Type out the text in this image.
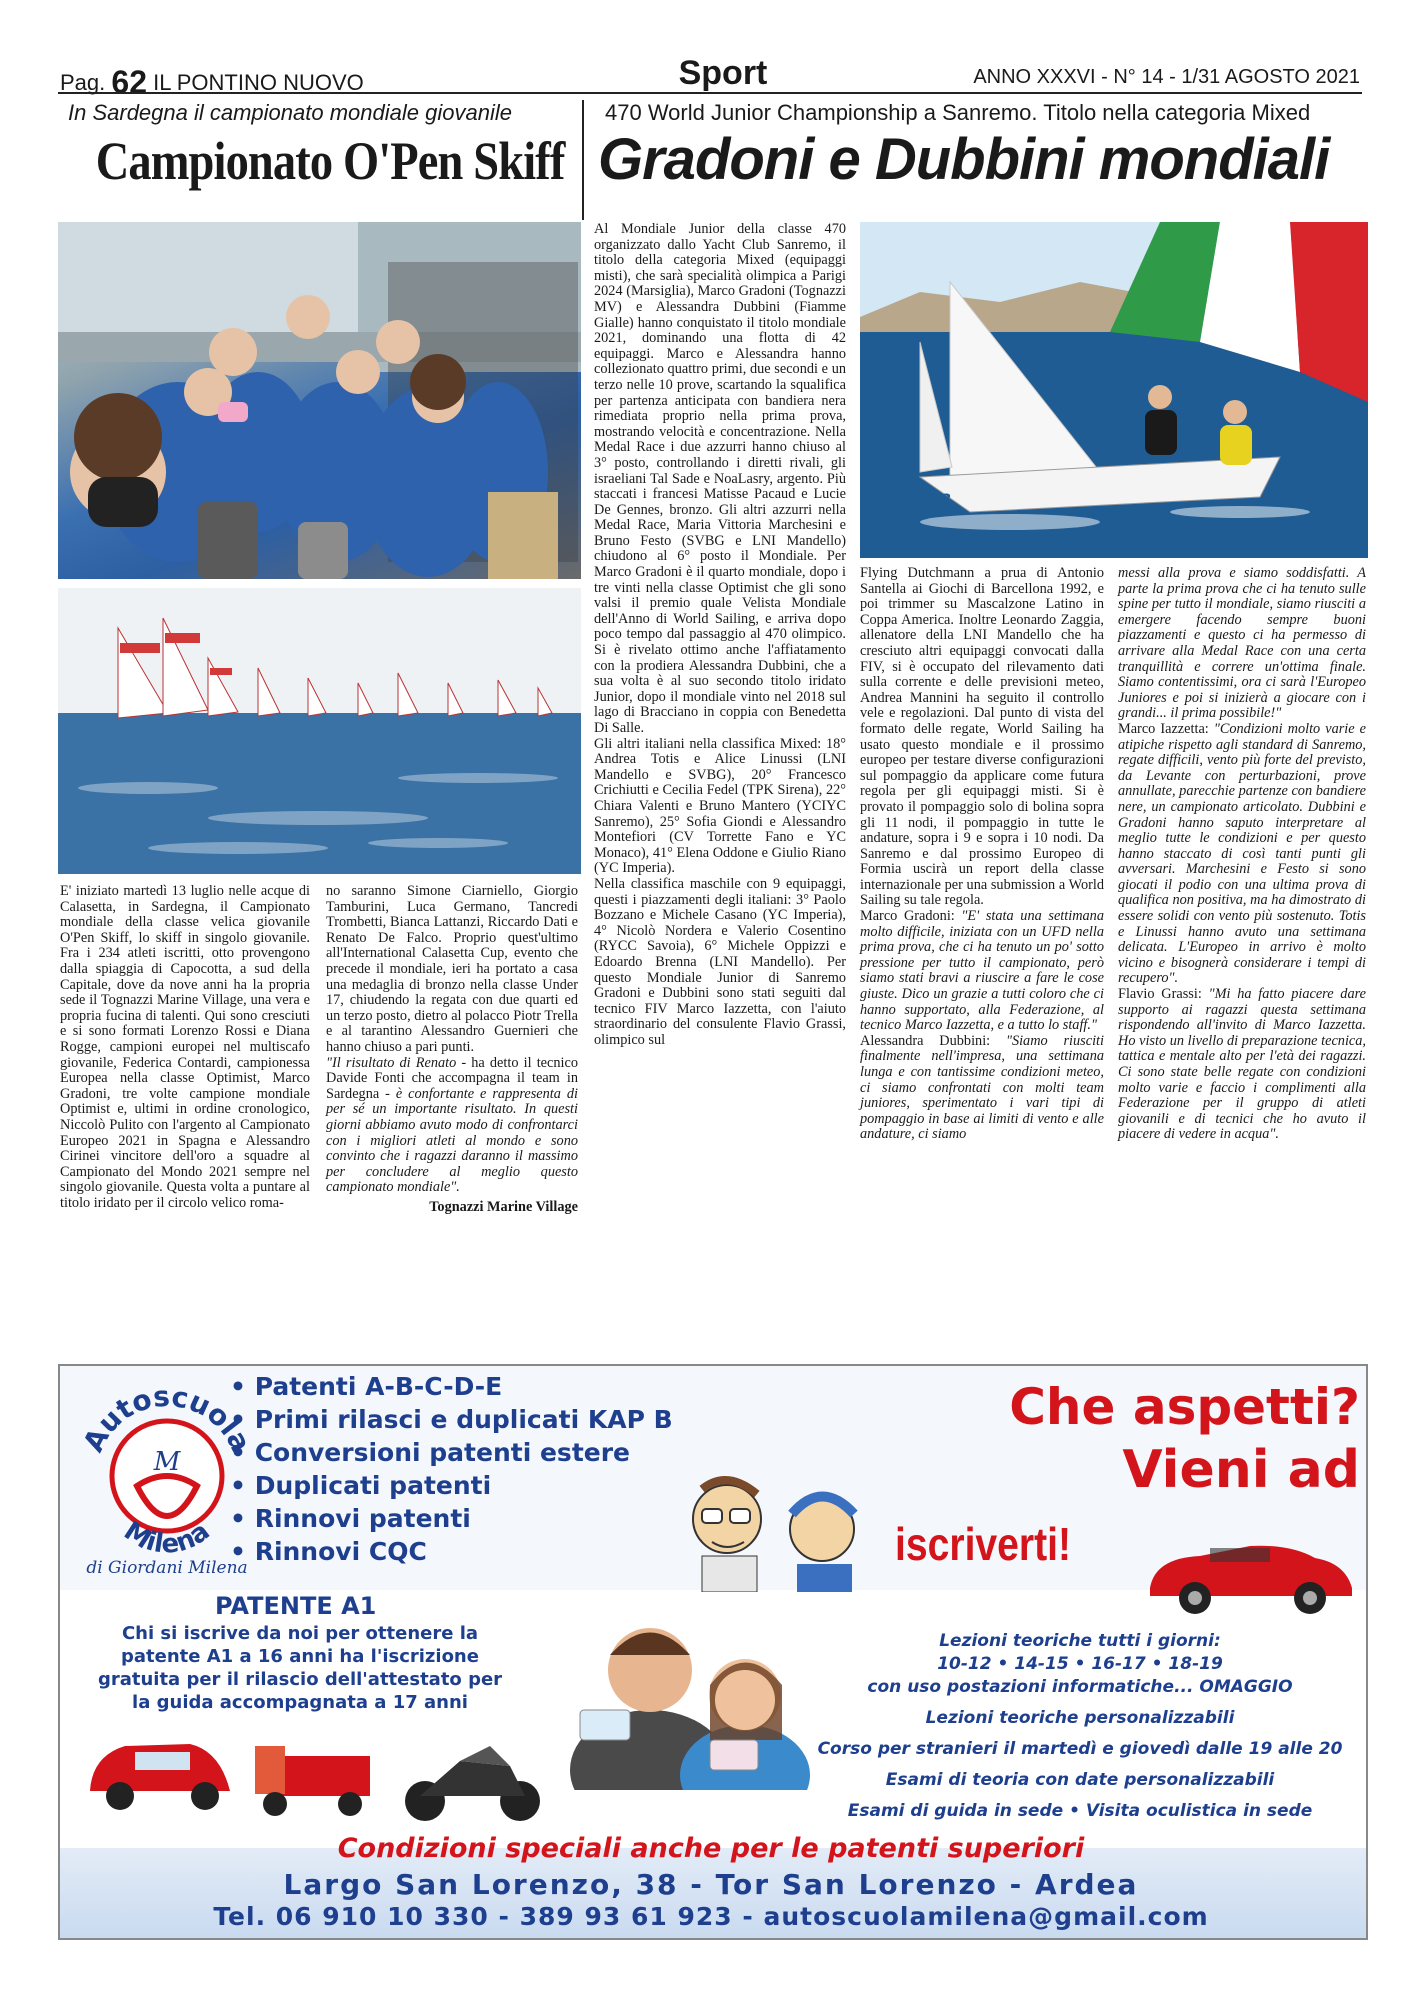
Pag. 62 IL PONTINO NUOVO	Sport	ANNO XXXVI - N° 14 - 1/31 AGOSTO 2021
In Sardegna il campionato mondiale giovanile	470 World Junior Championship a Sanremo. Titolo nella categoria Mixed
Campionato O'Pen Skiff Gradoni e Dubbini mondiali
53

E' iniziato martedì 13 luglio nelle acque di Calasetta, in Sardegna, il Campionato mondiale della classe velica giovanile O'Pen Skiff, lo skiff in singolo giovanile. Fra i 234 atleti iscritti, otto provengono dalla spiaggia di Capocotta, a sud della Capitale, dove da nove anni ha la propria sede il Tognazzi Marine Village, una vera e propria fucina di talenti. Qui sono cresciuti e si sono formati Lorenzo Rossi e Diana Rogge, campioni europei nel multiscafo giovanile, Federica Contardi, campionessa Europea nella classe Optimist, Marco Gradoni, tre volte campione mondiale Optimist e, ultimi in ordine cronologico, Niccolò Pulito con l'argento al Campionato Europeo 2021 in Spagna e Alessandro Cirinei vincitore dell'oro a squadre al Campionato del Mondo 2021 sempre nel singolo giovanile. Questa volta a puntare al titolo iridato per il circolo velico roma-

no saranno Simone Ciarniello, Giorgio Tamburini, Luca Germano, Tancredi Trombetti, Bianca Lattanzi, Riccardo Dati e Renato De Falco. Proprio quest'ultimo all'International Calasetta Cup, evento che precede il mondiale, ieri ha portato a casa una medaglia di bronzo nella classe Under 17, chiudendo la regata con due quarti ed un terzo posto, dietro al polacco Piotr Trella e al tarantino Alessandro Guernieri che hanno chiuso a pari punti.

"Il risultato di Renato - ha detto il tecnico Davide Fonti che accompagna il team in Sardegna - è confortante e rappresenta di per sé un importante risultato. In questi giorni abbiamo avuto modo di confrontarci con i migliori atleti al mondo e sono convinto che i ragazzi daranno il massimo per concludere al meglio questo campionato mondiale".

Tognazzi Marine Village

Al Mondiale Junior della classe 470 organizzato dallo Yacht Club Sanremo, il titolo della categoria Mixed (equipaggi misti), che sarà specialità olimpica a Parigi 2024 (Marsiglia), Marco Gradoni (Tognazzi MV) e Alessandra Dubbini (Fiamme Gialle) hanno conquistato il titolo mondiale 2021, dominando una flotta di 42 equipaggi. Marco e Alessandra hanno collezionato quattro primi, due secondi e un terzo nelle 10 prove, scartando la squalifica per partenza anticipata con bandiera nera rimediata proprio nella prima prova, mostrando velocità e concentrazione. Nella Medal Race i due azzurri hanno chiuso al 3° posto, controllando i diretti rivali, gli israeliani Tal Sade e NoaLasry, argento. Più staccati i francesi Matisse Pacaud e Lucie De Gennes, bronzo. Gli altri azzurri nella Medal Race, Maria Vittoria Marchesini e Bruno Festo (SVBG e LNI Mandello) chiudono al 6° posto il Mondiale. Per Marco Gradoni è il quarto mondiale, dopo i tre vinti nella classe Optimist che gli sono valsi il premio quale Velista Mondiale dell'Anno di World Sailing, e arriva dopo poco tempo dal passaggio al 470 olimpico. Si è rivelato ottimo anche l'affiatamento con la prodiera Alessandra Dubbini, che a sua volta è al suo secondo titolo iridato Junior, dopo il mondiale vinto nel 2018 sul lago di Bracciano in coppia con Benedetta Di Salle.

Gli altri italiani nella classifica Mixed: 18° Andrea Totis e Alice Linussi (LNI Mandello e SVBG), 20° Francesco Crichiutti e Cecilia Fedel (TPK Sirena), 22° Chiara Valenti e Bruno Mantero (YCIYC Sanremo), 25° Sofia Giondi e Alessandro Montefiori (CV Torrette Fano e YC Monaco), 41° Elena Oddone e Giulio Riano (YC Imperia).

Nella classifica maschile con 9 equipaggi, questi i piazzamenti degli italiani: 3° Paolo Bozzano e Michele Casano (YC Imperia), 4° Nicolò Nordera e Valerio Cosentino (RYCC Savoia), 6° Michele Oppizzi e Edoardo Brenna (LNI Mandello). Per questo Mondiale Junior di Sanremo Gradoni e Dubbini sono stati seguiti dal tecnico FIV Marco Iazzetta, con l'aiuto straordinario del consulente Flavio Grassi, olimpico sul

Flying Dutchmann a prua di Antonio Santella ai Giochi di Barcellona 1992, e poi trimmer su Mascalzone Latino in Coppa America. Inoltre Leonardo Zaggia, allenatore della LNI Mandello che ha cresciuto altri equipaggi convocati dalla FIV, si è occupato del rilevamento dati sulla corrente e delle previsioni meteo, Andrea Mannini ha seguito il controllo vele e regolazioni. Dal punto di vista del formato delle regate, World Sailing ha usato questo mondiale e il prossimo europeo per testare diverse configurazioni sul pompaggio da applicare come futura regola per gli equipaggi misti. Si è provato il pompaggio solo di bolina sopra gli 11 nodi, il pompaggio in tutte le andature, sopra i 9 e sopra i 10 nodi. Da Sanremo e dal prossimo Europeo di Formia uscirà un report della classe internazionale per una submission a World Sailing su tale regola.

Marco Gradoni: "E' stata una settimana molto difficile, iniziata con un UFD nella prima prova, che ci ha tenuto un po' sotto pressione per tutto il campionato, però siamo stati bravi a riuscire a fare le cose giuste. Dico un grazie a tutti coloro che ci hanno supportato, alla Federazione, al tecnico Marco Iazzetta, e a tutto lo staff."

Alessandra Dubbini: "Siamo riusciti finalmente nell'impresa, una settimana lunga e con tantissime condizioni meteo, ci siamo confrontati con molti team juniores, sperimentato i vari tipi di pompaggio in base ai limiti di vento e alle andature, ci siamo

messi alla prova e siamo soddisfatti. A parte la prima prova che ci ha tenuto sulle spine per tutto il mondiale, siamo riusciti a emergere facendo sempre buoni piazzamenti e questo ci ha permesso di arrivare alla Medal Race con una certa tranquillità e correre un'ottima finale. Siamo contentissimi, ora ci sarà l'Europeo Juniores e poi si inizierà a giocare con i grandi... il prima possibile!"

Marco Iazzetta: "Condizioni molto varie e atipiche rispetto agli standard di Sanremo, regate difficili, vento più forte del previsto, da Levante con perturbazioni, prove annullate, parecchie partenze con bandiere nere, un campionato articolato. Dubbini e Gradoni hanno saputo interpretare al meglio tutte le condizioni e per questo hanno staccato di così tanti punti gli avversari. Marchesini e Festo si sono giocati il podio con una ultima prova di qualifica non positiva, ma ha dimostrato di essere solidi con vento più sostenuto. Totis e Linussi hanno avuto una settimana delicata. L'Europeo in arrivo è molto vicino e bisognerà considerare i tempi di recupero".

Flavio Grassi: "Mi ha fatto piacere dare supporto ai ragazzi questa settimana rispondendo all'invito di Marco Iazzetta. Ho visto un livello di preparazione tecnica, tattica e mentale alto per l'età dei ragazzi. Ci sono state belle regate con condizioni molto varie e faccio i complimenti alla Federazione per il gruppo di atleti giovanili e di tecnici che ho avuto il piacere di vedere in acqua".

Autoscuola
Milena
M
di Giordani Milena
• Patenti A-B-C-D-E
• Primi rilasci e duplicati KAP B
• Conversioni patenti estere
• Duplicati patenti
• Rinnovi patenti
• Rinnovi CQC
Che aspetti?
Vieni ad
iscriverti!
PATENTE A1
Chi si iscrive da noi per ottenere la patente A1 a 16 anni ha l'iscrizione gratuita per il rilascio dell'attestato per la guida accompagnata a 17 anni
Lezioni teoriche tutti i giorni:
10-12 • 14-15 • 16-17 • 18-19
con uso postazioni informatiche... OMAGGIO
Lezioni teoriche personalizzabili
Corso per stranieri il martedì e giovedì dalle 19 alle 20
Esami di teoria con date personalizzabili
Esami di guida in sede • Visita oculistica in sede
Condizioni speciali anche per le patenti superiori
Largo San Lorenzo, 38 - Tor San Lorenzo - Ardea
Tel. 06 910 10 330 - 389 93 61 923 - autoscuolamilena@gmail.com
